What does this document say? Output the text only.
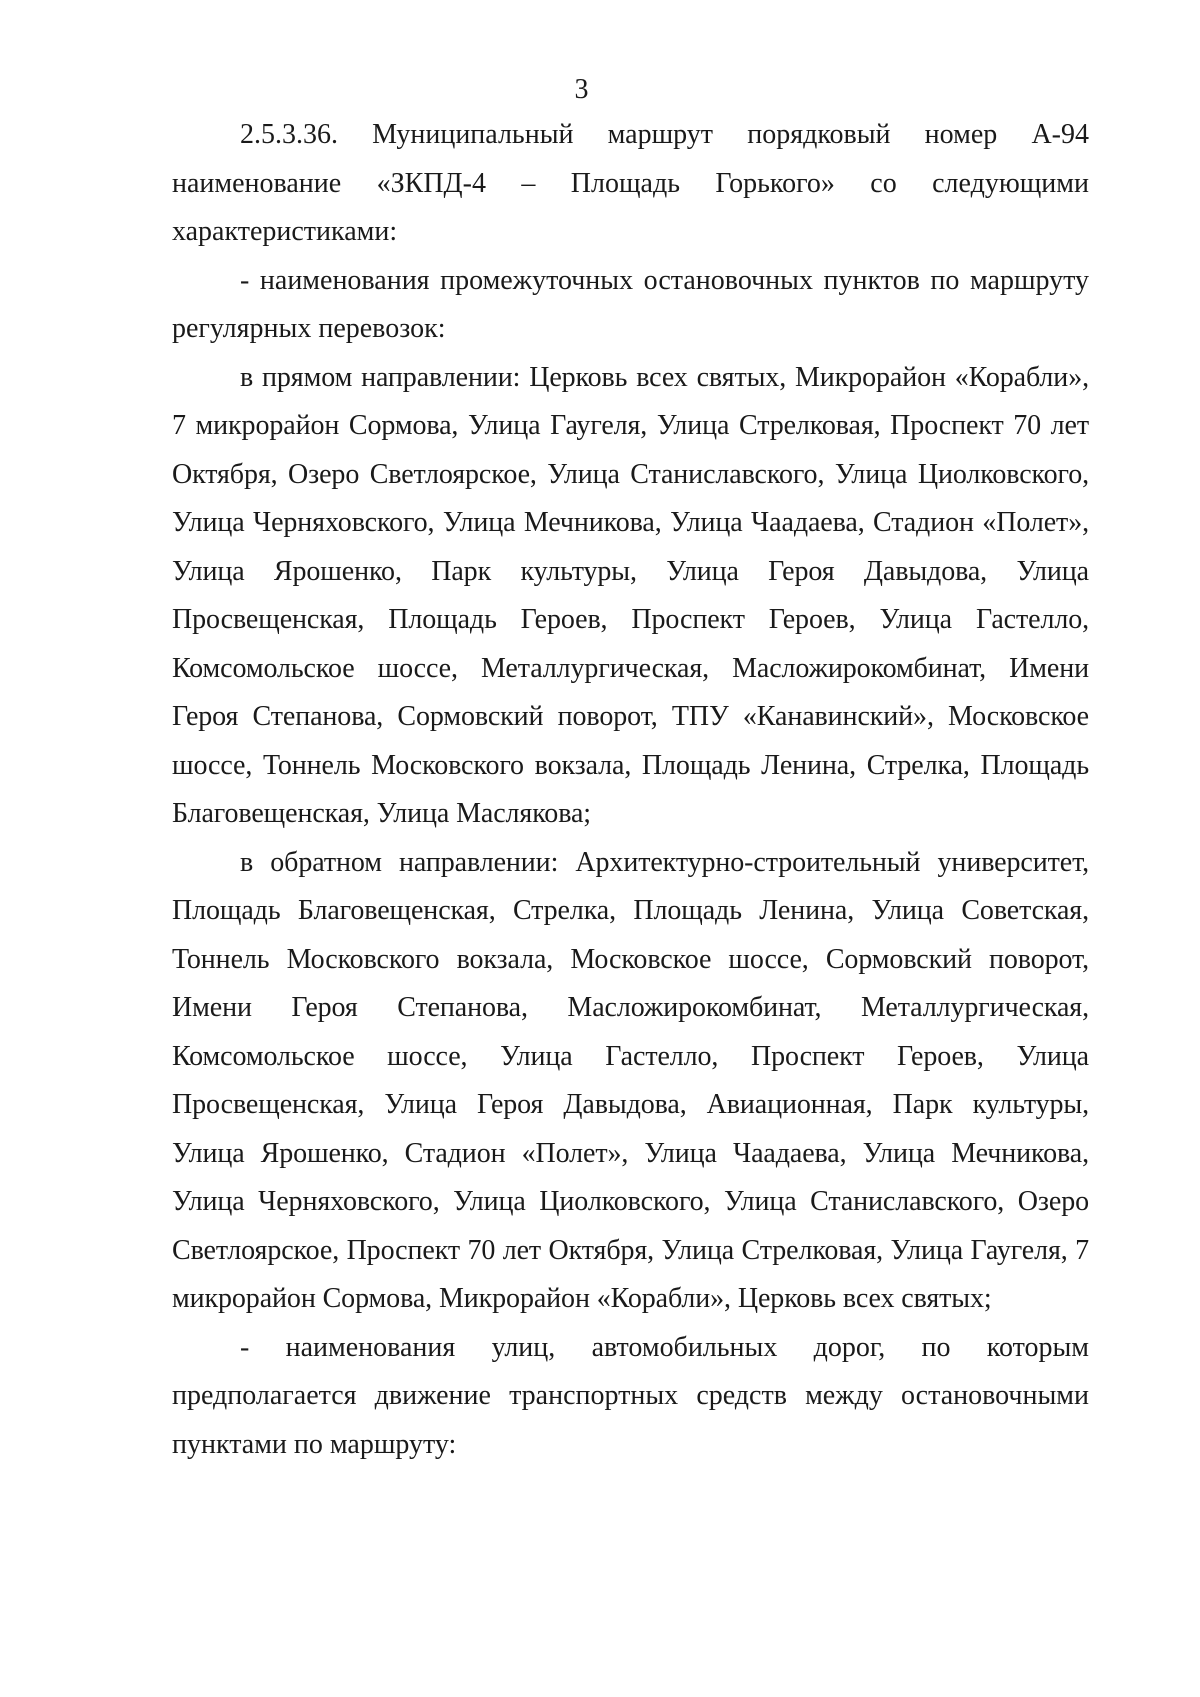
3

2.5.3.36. Муниципальный маршрут порядковый номер А-94 наименование «ЗКПД-4 – Площадь Горького» со следующими характеристиками:

- наименования промежуточных остановочных пунктов по маршруту регулярных перевозок:

в прямом направлении: Церковь всех святых, Микрорайон «Корабли», 7 микрорайон Сормова, Улица Гаугеля, Улица Стрелковая, Проспект 70 лет Октября, Озеро Светлоярское, Улица Станиславского, Улица Циолковского, Улица Черняховского, Улица Мечникова, Улица Чаадаева, Стадион «Полет», Улица Ярошенко, Парк культуры, Улица Героя Давыдова, Улица Просвещенская, Площадь Героев, Проспект Героев, Улица Гастелло, Комсомольское шоссе, Металлургическая, Масложирокомбинат, Имени Героя Степанова, Сормовский поворот, ТПУ «Канавинский», Московское шоссе, Тоннель Московского вокзала, Площадь Ленина, Стрелка, Площадь Благовещенская, Улица Маслякова;

в обратном направлении: Архитектурно-строительный университет, Площадь Благовещенская, Стрелка, Площадь Ленина, Улица Советская, Тоннель Московского вокзала, Московское шоссе, Сормовский поворот, Имени Героя Степанова, Масложирокомбинат, Металлургическая, Комсомольское шоссе, Улица Гастелло, Проспект Героев, Улица Просвещенская, Улица Героя Давыдова, Авиационная, Парк культуры, Улица Ярошенко, Стадион «Полет», Улица Чаадаева, Улица Мечникова, Улица Черняховского, Улица Циолковского, Улица Станиславского, Озеро Светлоярское, Проспект 70 лет Октября, Улица Стрелковая, Улица Гаугеля, 7 микрорайон Сормова, Микрорайон «Корабли», Церковь всех святых;

- наименования улиц, автомобильных дорог, по которым предполагается движение транспортных средств между остановочными пунктами по маршруту:
